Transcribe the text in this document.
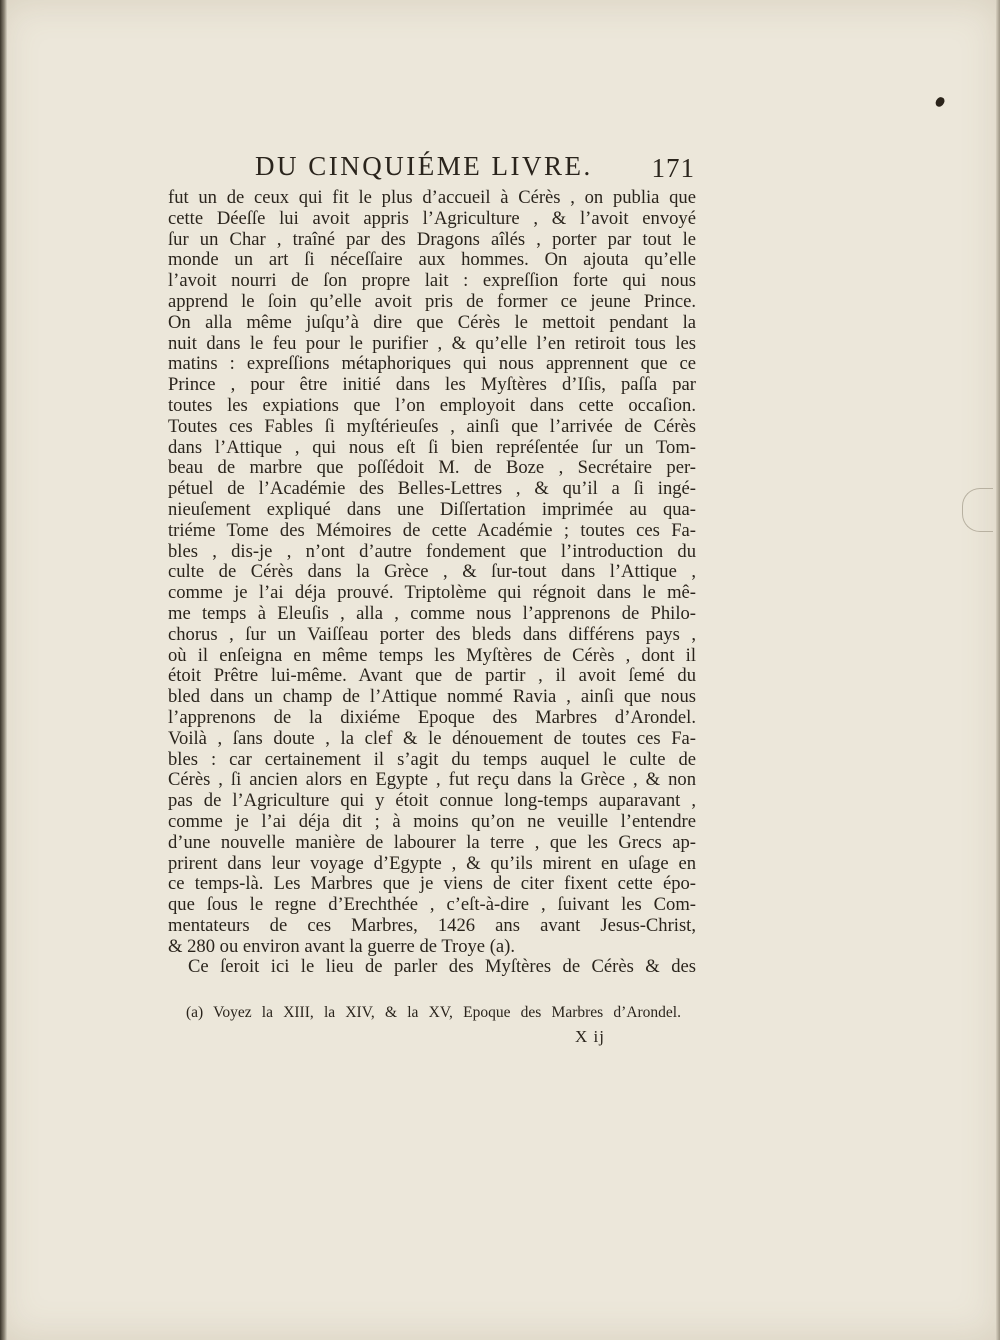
DU CINQUIÉME LIVRE. 171
fut un de ceux qui fit le plus d’accueil à Cérès , on publia que
cette Déeſſe lui avoit appris l’Agriculture , & l’avoit envoyé
ſur un Char , traîné par des Dragons aîlés , porter par tout le
monde un art ſi néceſſaire aux hommes. On ajouta qu’elle
l’avoit nourri de ſon propre lait : expreſſion forte qui nous
apprend le ſoin qu’elle avoit pris de former ce jeune Prince.
On alla même juſqu’à dire que Cérès le mettoit pendant la
nuit dans le feu pour le purifier , & qu’elle l’en retiroit tous les
matins : expreſſions métaphoriques qui nous apprennent que ce
Prince , pour être initié dans les Myſtères d’Iſis, paſſa par
toutes les expiations que l’on employoit dans cette occaſion.
Toutes ces Fables ſi myſtérieuſes , ainſi que l’arrivée de Cérès
dans l’Attique , qui nous eſt ſi bien repréſentée ſur un Tom-
beau de marbre que poſſédoit M. de Boze , Secrétaire per-
pétuel de l’Académie des Belles-Lettres , & qu’il a ſi ingé-
nieuſement expliqué dans une Diſſertation imprimée au qua-
triéme Tome des Mémoires de cette Académie ; toutes ces Fa-
bles , dis-je , n’ont d’autre fondement que l’introduction du
culte de Cérès dans la Grèce , & ſur-tout dans l’Attique ,
comme je l’ai déja prouvé. Triptolème qui régnoit dans le mê-
me temps à Eleuſis , alla , comme nous l’apprenons de Philo-
chorus , ſur un Vaiſſeau porter des bleds dans différens pays ,
où il enſeigna en même temps les Myſtères de Cérès , dont il
étoit Prêtre lui-même. Avant que de partir , il avoit ſemé du
bled dans un champ de l’Attique nommé Ravia , ainſi que nous
l’apprenons de la dixiéme Epoque des Marbres d’Arondel.
Voilà , ſans doute , la clef & le dénouement de toutes ces Fa-
bles : car certainement il s’agit du temps auquel le culte de
Cérès , ſi ancien alors en Egypte , fut reçu dans la Grèce , & non
pas de l’Agriculture qui y étoit connue long-temps auparavant ,
comme je l’ai déja dit ; à moins qu’on ne veuille l’entendre
d’une nouvelle manière de labourer la terre , que les Grecs ap-
prirent dans leur voyage d’Egypte , & qu’ils mirent en uſage en
ce temps-là. Les Marbres que je viens de citer fixent cette épo-
que ſous le regne d’Erechthée , c’eſt-à-dire , ſuivant les Com-
mentateurs de ces Marbres, 1426 ans avant Jesus-Christ,
& 280 ou environ avant la guerre de Troye (a).
Ce ſeroit ici le lieu de parler des Myſtères de Cérès & des
(a) Voyez la XIII, la XIV, & la XV, Epoque des Marbres d’Arondel.
X ij
